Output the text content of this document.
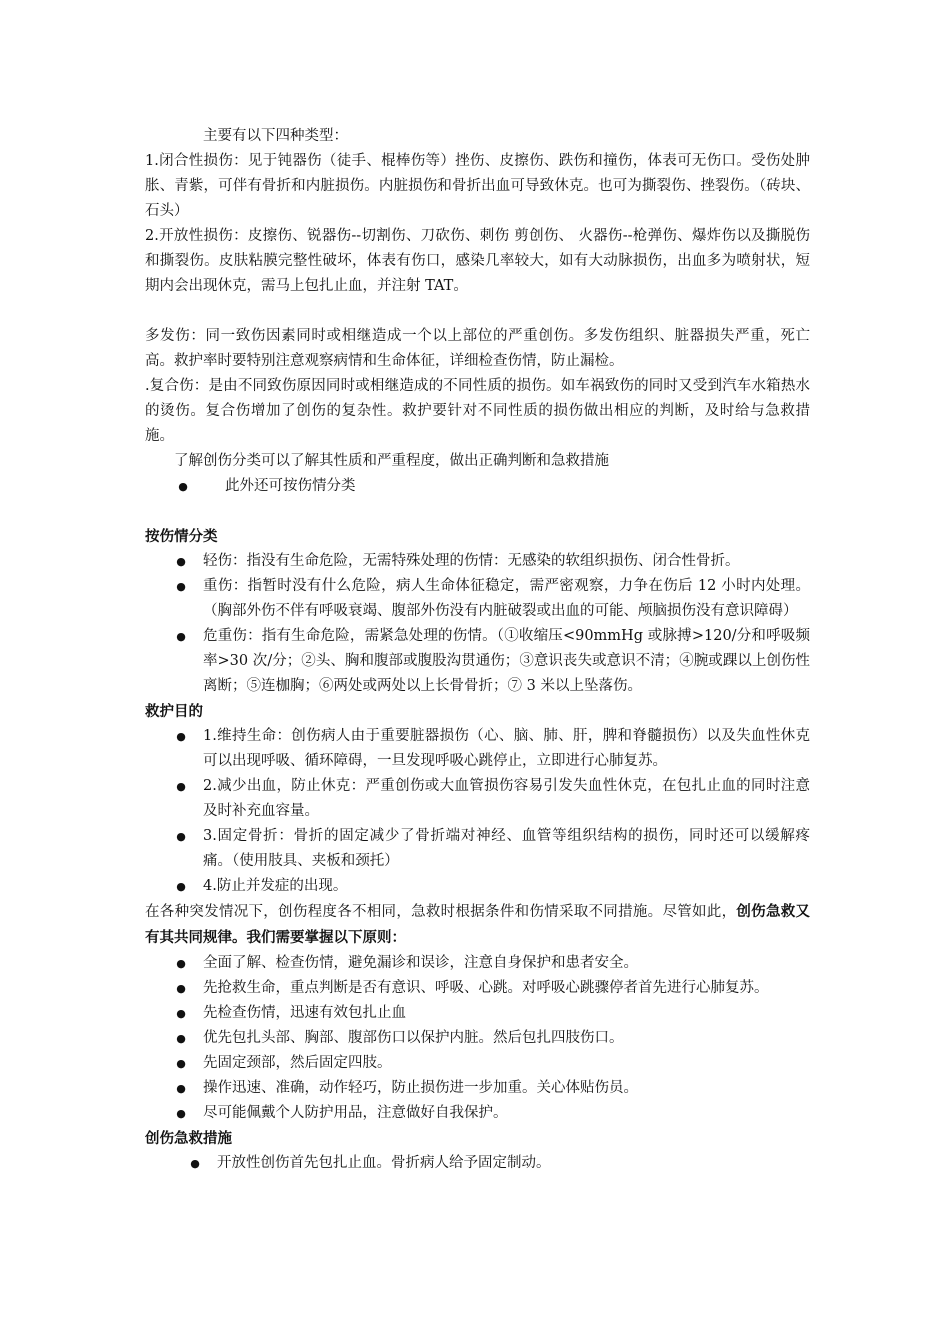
主要有以下四种类型：

1.闭合性损伤：见于钝器伤（徒手、棍棒伤等）挫伤、皮擦伤、跌伤和撞伤，体表可无伤口。受伤处肿胀、青紫，可伴有骨折和内脏损伤。内脏损伤和骨折出血可导致休克。也可为撕裂伤、挫裂伤。（砖块、石头）

2.开放性损伤：皮擦伤、锐器伤--切割伤、刀砍伤、刺伤 剪创伤、 火器伤--枪弹伤、爆炸伤以及撕脱伤和撕裂伤。皮肤粘膜完整性破坏，体表有伤口，感染几率较大，如有大动脉损伤，出血多为喷射状，短期内会出现休克，需马上包扎止血，并注射 TAT。

多发伤：同一致伤因素同时或相继造成一个以上部位的严重创伤。多发伤组织、脏器损失严重，死亡高。救护率时要特别注意观察病情和生命体征，详细检查伤情，防止漏检。

.复合伤：是由不同致伤原因同时或相继造成的不同性质的损伤。如车祸致伤的同时又受到汽车水箱热水的烫伤。复合伤增加了创伤的复杂性。救护要针对不同性质的损伤做出相应的判断，及时给与急救措施。

了解创伤分类可以了解其性质和严重程度，做出正确判断和急救措施

●	此外还可按伤情分类

按伤情分类

● 轻伤：指没有生命危险，无需特殊处理的伤情：无感染的软组织损伤、闭合性骨折。
● 重伤：指暂时没有什么危险，病人生命体征稳定，需严密观察，力争在伤后 12 小时内处理。（胸部外伤不伴有呼吸衰竭、腹部外伤没有内脏破裂或出血的可能、颅脑损伤没有意识障碍）
● 危重伤：指有生命危险，需紧急处理的伤情。（①收缩压<90mmHg 或脉搏>120/分和呼吸频率>30 次/分；②头、胸和腹部或腹股沟贯通伤；③意识丧失或意识不清；④腕或踝以上创伤性离断；⑤连枷胸；⑥两处或两处以上长骨骨折；⑦ 3 米以上坠落伤。

救护目的

● 1.维持生命：创伤病人由于重要脏器损伤（心、脑、肺、肝，脾和脊髓损伤）以及失血性休克可以出现呼吸、循环障碍，一旦发现呼吸心跳停止，立即进行心肺复苏。
● 2.减少出血，防止休克：严重创伤或大血管损伤容易引发失血性休克，在包扎止血的同时注意及时补充血容量。
● 3.固定骨折：骨折的固定减少了骨折端对神经、血管等组织结构的损伤，同时还可以缓解疼痛。（使用肢具、夹板和颈托）
● 4.防止并发症的出现。

在各种突发情况下，创伤程度各不相同，急救时根据条件和伤情采取不同措施。尽管如此，创伤急救又有其共同规律。我们需要掌握以下原则：

● 全面了解、检查伤情，避免漏诊和误诊，注意自身保护和患者安全。
● 先抢救生命，重点判断是否有意识、呼吸、心跳。对呼吸心跳骤停者首先进行心肺复苏。
● 先检查伤情，迅速有效包扎止血
● 优先包扎头部、胸部、腹部伤口以保护内脏。然后包扎四肢伤口。
● 先固定颈部，然后固定四肢。
● 操作迅速、准确，动作轻巧，防止损伤进一步加重。关心体贴伤员。
● 尽可能佩戴个人防护用品，注意做好自我保护。

创伤急救措施

● 开放性创伤首先包扎止血。骨折病人给予固定制动。
